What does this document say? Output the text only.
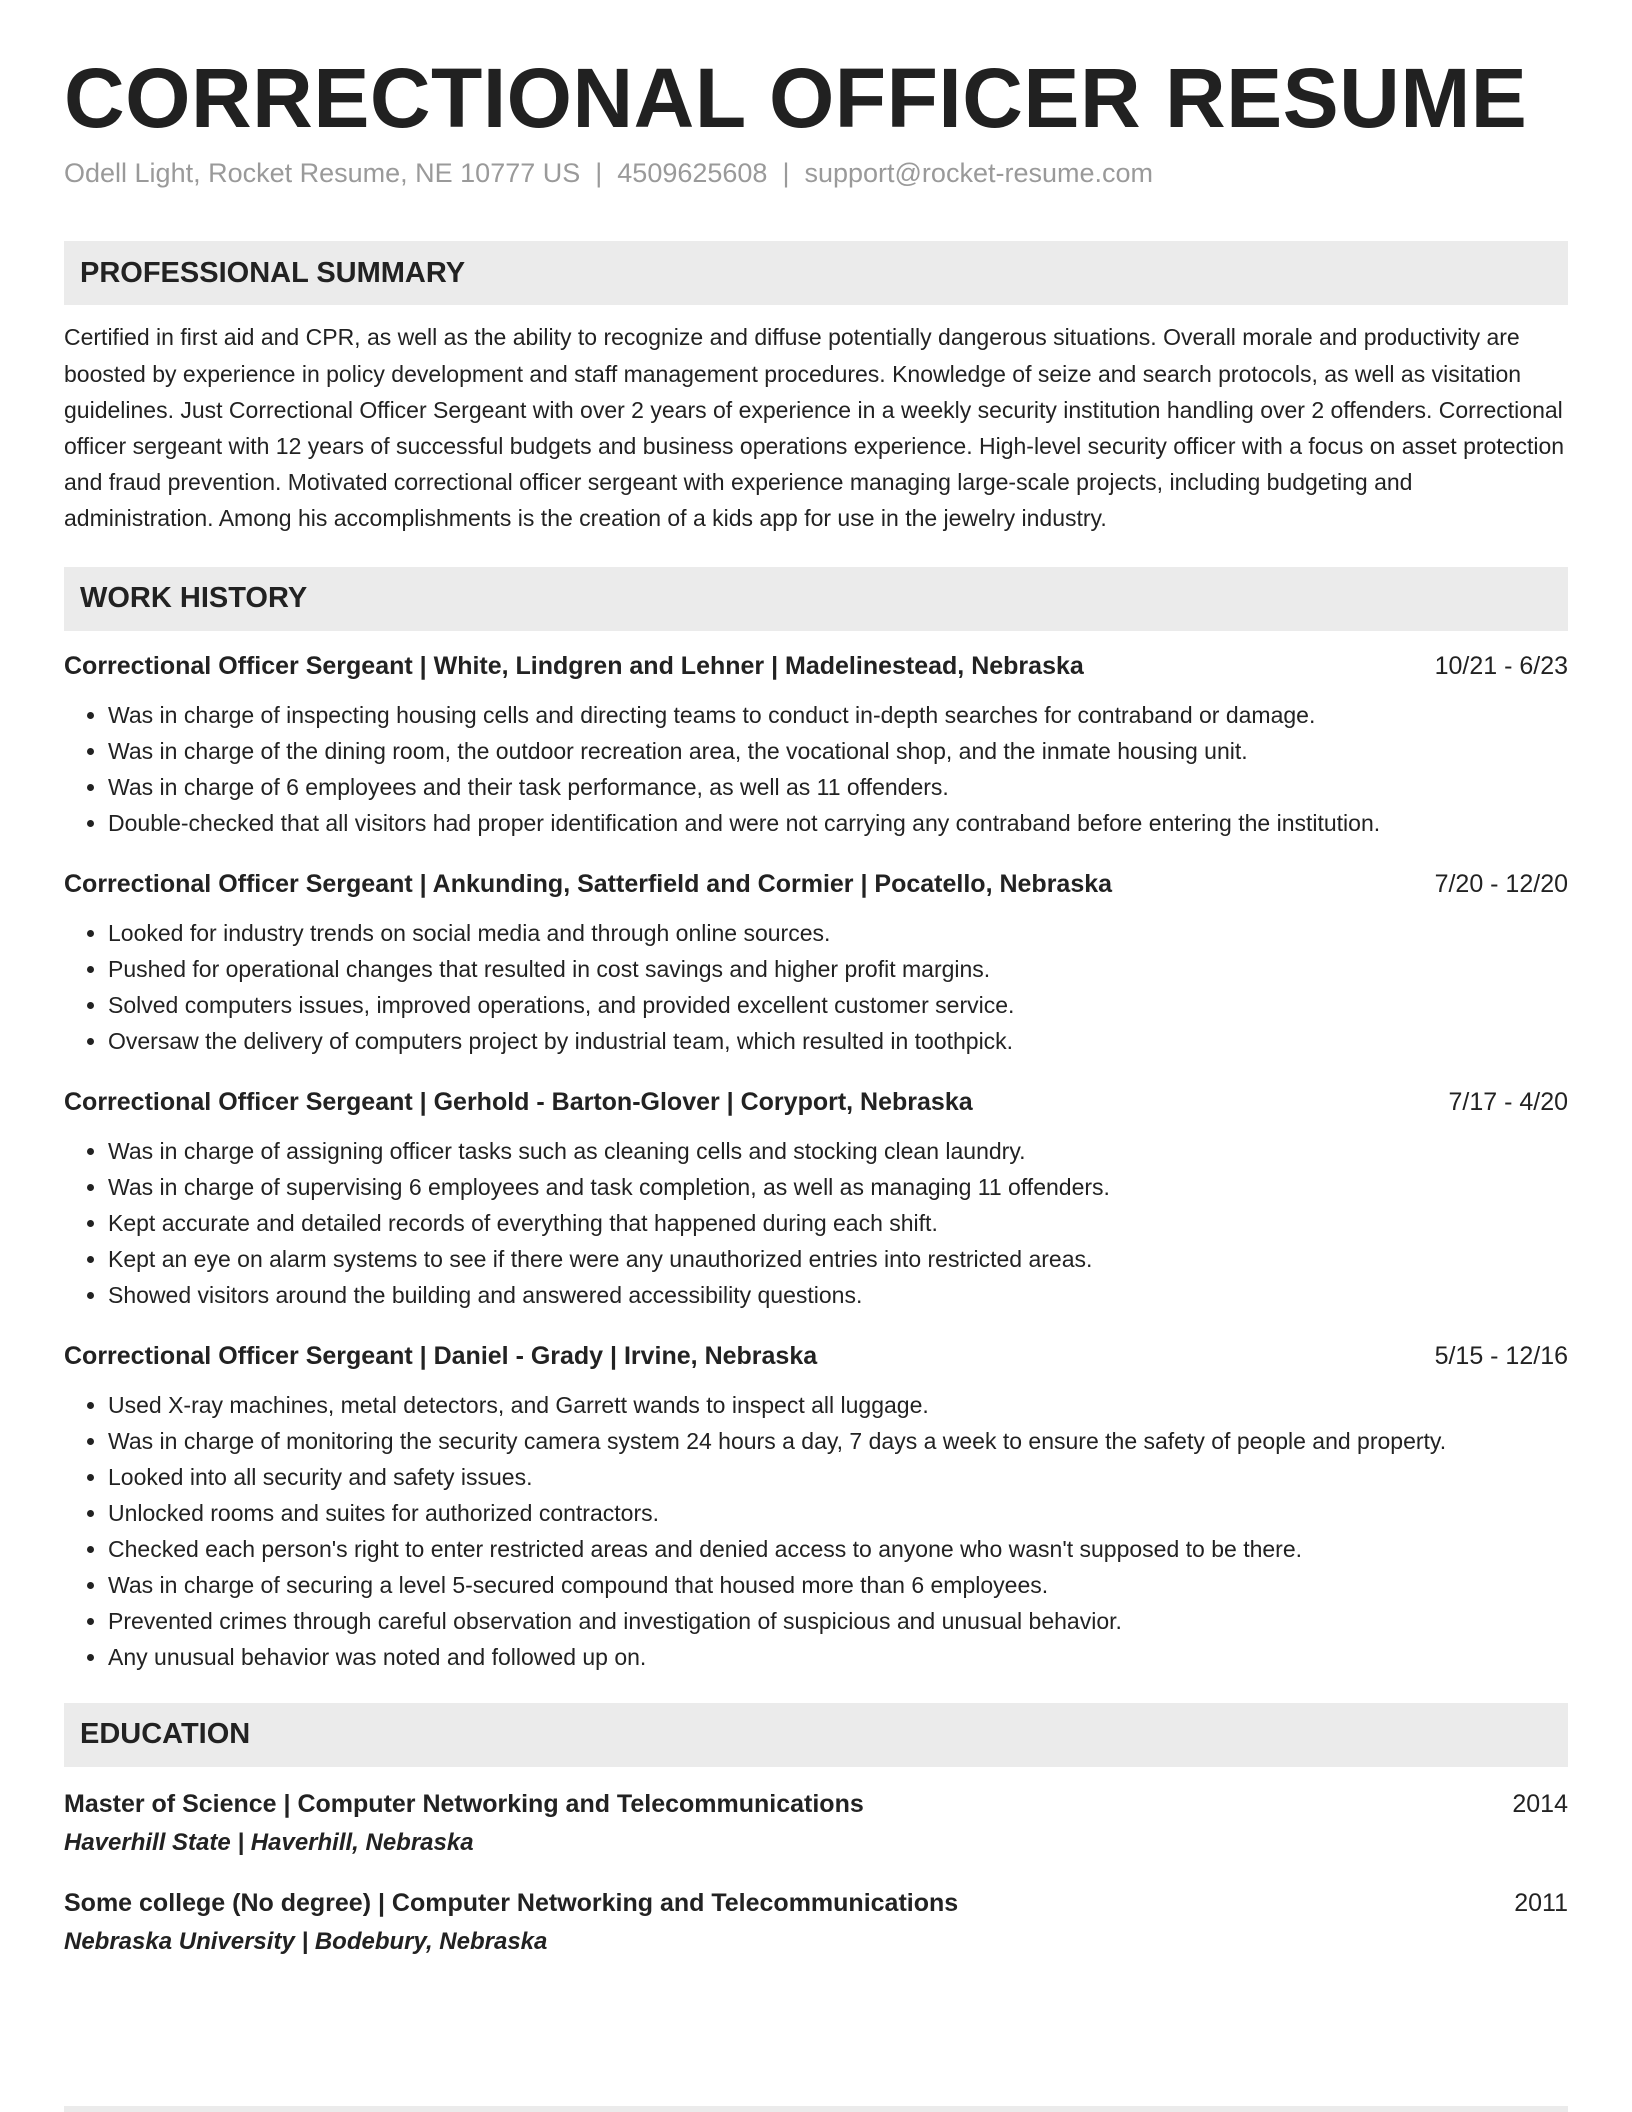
CORRECTIONAL OFFICER RESUME
Odell Light, Rocket Resume, NE 10777 US | 4509625608 | support@rocket-resume.com
PROFESSIONAL SUMMARY
Certified in first aid and CPR, as well as the ability to recognize and diffuse potentially dangerous situations. Overall morale and productivity are boosted by experience in policy development and staff management procedures. Knowledge of seize and search protocols, as well as visitation guidelines. Just Correctional Officer Sergeant with over 2 years of experience in a weekly security institution handling over 2 offenders. Correctional officer sergeant with 12 years of successful budgets and business operations experience. High-level security officer with a focus on asset protection and fraud prevention. Motivated correctional officer sergeant with experience managing large-scale projects, including budgeting and administration. Among his accomplishments is the creation of a kids app for use in the jewelry industry.
WORK HISTORY
Correctional Officer Sergeant | White, Lindgren and Lehner | Madelinestead, Nebraska	10/21 - 6/23
• Was in charge of inspecting housing cells and directing teams to conduct in-depth searches for contraband or damage.
• Was in charge of the dining room, the outdoor recreation area, the vocational shop, and the inmate housing unit.
• Was in charge of 6 employees and their task performance, as well as 11 offenders.
• Double-checked that all visitors had proper identification and were not carrying any contraband before entering the institution.
Correctional Officer Sergeant | Ankunding, Satterfield and Cormier | Pocatello, Nebraska	7/20 - 12/20
• Looked for industry trends on social media and through online sources.
• Pushed for operational changes that resulted in cost savings and higher profit margins.
• Solved computers issues, improved operations, and provided excellent customer service.
• Oversaw the delivery of computers project by industrial team, which resulted in toothpick.
Correctional Officer Sergeant | Gerhold - Barton-Glover | Coryport, Nebraska	7/17 - 4/20
• Was in charge of assigning officer tasks such as cleaning cells and stocking clean laundry.
• Was in charge of supervising 6 employees and task completion, as well as managing 11 offenders.
• Kept accurate and detailed records of everything that happened during each shift.
• Kept an eye on alarm systems to see if there were any unauthorized entries into restricted areas.
• Showed visitors around the building and answered accessibility questions.
Correctional Officer Sergeant | Daniel - Grady | Irvine, Nebraska	5/15 - 12/16
• Used X-ray machines, metal detectors, and Garrett wands to inspect all luggage.
• Was in charge of monitoring the security camera system 24 hours a day, 7 days a week to ensure the safety of people and property.
• Looked into all security and safety issues.
• Unlocked rooms and suites for authorized contractors.
• Checked each person's right to enter restricted areas and denied access to anyone who wasn't supposed to be there.
• Was in charge of securing a level 5-secured compound that housed more than 6 employees.
• Prevented crimes through careful observation and investigation of suspicious and unusual behavior.
• Any unusual behavior was noted and followed up on.
EDUCATION
Master of Science | Computer Networking and Telecommunications	2014
Haverhill State | Haverhill, Nebraska
Some college (No degree) | Computer Networking and Telecommunications	2011
Nebraska University | Bodebury, Nebraska
